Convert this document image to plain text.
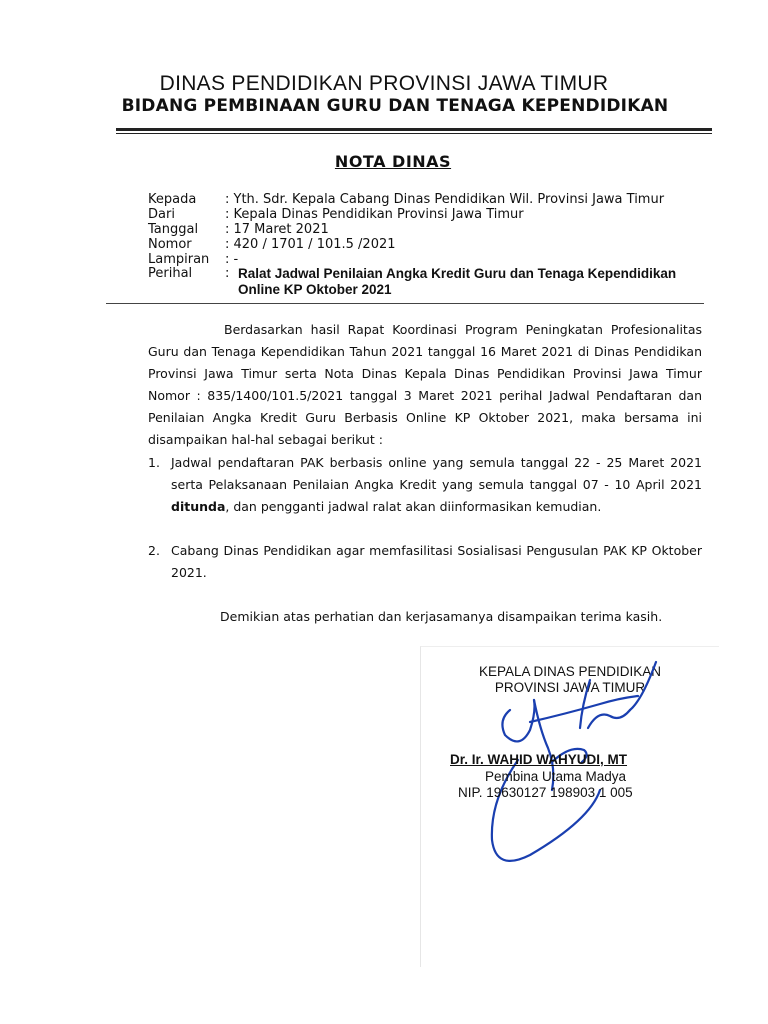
DINAS PENDIDIKAN PROVINSI JAWA TIMUR
BIDANG PEMBINAAN GURU DAN TENAGA KEPENDIDIKAN
NOTA DINAS
Kepada : Yth. Sdr. Kepala Cabang Dinas Pendidikan Wil. Provinsi Jawa Timur
Dari	: Kepala Dinas Pendidikan Provinsi Jawa Timur
Tanggal : 17 Maret 2021
Nomor	: 420 / 1701 / 101.5 /2021
Lampiran : -
Perihal	: Ralat Jadwal Penilaian Angka Kredit Guru dan Tenaga Kependidikan Online KP Oktober 2021
Berdasarkan hasil Rapat Koordinasi Program Peningkatan Profesionalitas Guru dan Tenaga Kependidikan Tahun 2021 tanggal 16 Maret 2021 di Dinas Pendidikan Provinsi Jawa Timur serta Nota Dinas Kepala Dinas Pendidikan Provinsi Jawa Timur Nomor : 835/1400/101.5/2021 tanggal 3 Maret 2021 perihal Jadwal Pendaftaran dan Penilaian Angka Kredit Guru Berbasis Online KP Oktober 2021, maka bersama ini disampaikan hal-hal sebagai berikut :
1. Jadwal pendaftaran PAK berbasis online yang semula tanggal 22 - 25 Maret 2021 serta Pelaksanaan Penilaian Angka Kredit yang semula tanggal 07 - 10 April 2021 ditunda, dan pengganti jadwal ralat akan diinformasikan kemudian.
2. Cabang Dinas Pendidikan agar memfasilitasi Sosialisasi Pengusulan PAK KP Oktober 2021.
Demikian atas perhatian dan kerjasamanya disampaikan terima kasih.
KEPALA DINAS PENDIDIKAN
PROVINSI JAWA TIMUR
Dr. Ir. WAHID WAHYUDI, MT
Pembina Utama Madya
NIP. 19630127 198903 1 005
